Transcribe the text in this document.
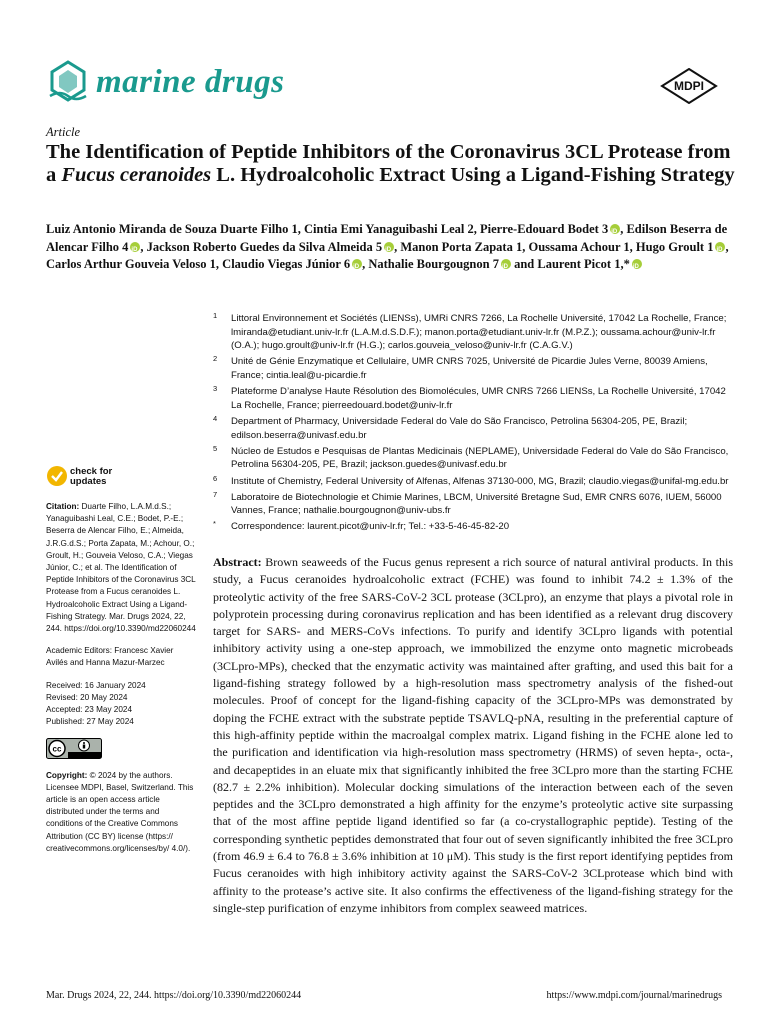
marine drugs	MDPI
Article
The Identification of Peptide Inhibitors of the Coronavirus 3CL Protease from a Fucus ceranoides L. Hydroalcoholic Extract Using a Ligand-Fishing Strategy
Luiz Antonio Miranda de Souza Duarte Filho 1, Cintia Emi Yanaguibashi Leal 2, Pierre-Edouard Bodet 3 iD , Edilson Beserra de Alencar Filho 4 iD , Jackson Roberto Guedes da Silva Almeida 5 iD , Manon Porta Zapata 1, Oussama Achour 1, Hugo Groult 1 iD , Carlos Arthur Gouveia Veloso 1, Claudio Viegas Júnior 6 iD , Nathalie Bourgougnon 7iD and Laurent Picot 1,*iD
1 Littoral Environnement et Sociétés (LIENSs), UMRi CNRS 7266, La Rochelle Université, 17042 La Rochelle, France; lmiranda@etudiant.univ-lr.fr (L.A.M.d.S.D.F.); manon.porta@etudiant.univ-lr.fr (M.P.Z.); oussama.achour@univ-lr.fr (O.A.); hugo.groult@univ-lr.fr (H.G.); carlos.gouveia_veloso@univ-lr.fr (C.A.G.V.)
2 Unité de Génie Enzymatique et Cellulaire, UMR CNRS 7025, Université de Picardie Jules Verne, 80039 Amiens, France; cintia.leal@u-picardie.fr
3 Plateforme D’analyse Haute Résolution des Biomolécules, UMR CNRS 7266 LIENSs, La Rochelle Université, 17042 La Rochelle, France; pierreedouard.bodet@univ-lr.fr
4 Department of Pharmacy, Universidade Federal do Vale do São Francisco, Petrolina 56304-205, PE, Brazil; edilson.beserra@univasf.edu.br
5 Núcleo de Estudos e Pesquisas de Plantas Medicinais (NEPLAME), Universidade Federal do Vale do São Francisco, Petrolina 56304-205, PE, Brazil; jackson.guedes@univasf.edu.br
6 Institute of Chemistry, Federal University of Alfenas, Alfenas 37130-000, MG, Brazil; claudio.viegas@unifal-mg.edu.br
7 Laboratoire de Biotechnologie et Chimie Marines, LBCM, Université Bretagne Sud, EMR CNRS 6076, IUEM, 56000 Vannes, France; nathalie.bourgougnon@univ-ubs.fr
* Correspondence: laurent.picot@univ-lr.fr; Tel.: +33-5-46-45-82-20
check for
updates
Citation: Duarte Filho, L.A.M.d.S.; Yanaguibashi Leal, C.E.; Bodet, P.-E.; Beserra de Alencar Filho, E.; Almeida, J.R.G.d.S.; Porta Zapata, M.; Achour, O.; Groult, H.; Gouveia Veloso, C.A.; Viegas Júnior, C.; et al. The Identification of Peptide Inhibitors of the Coronavirus 3CL Protease from a Fucus ceranoides L. Hydroalcoholic Extract Using a Ligand-Fishing Strategy. Mar. Drugs 2024, 22, 244. https://doi.org/10.3390/md22060244
Academic Editors: Francesc Xavier Avilés and Hanna Mazur-Marzec
Received: 16 January 2024
Revised: 20 May 2024
Accepted: 23 May 2024
Published: 27 May 2024
cc
Copyright: © 2024 by the authors. Licensee MDPI, Basel, Switzerland. This article is an open access article distributed under the terms and conditions of the Creative Commons Attribution (CC BY) license (https:// creativecommons.org/licenses/by/ 4.0/).
Abstract: Brown seaweeds of the Fucus genus represent a rich source of natural antiviral products. In this study, a Fucus ceranoides hydroalcoholic extract (FCHE) was found to inhibit 74.2 ± 1.3% of the proteolytic activity of the free SARS-CoV-2 3CL protease (3CLpro), an enzyme that plays a pivotal role in polyprotein processing during coronavirus replication and has been identified as a relevant drug discovery target for SARS- and MERS-CoVs infections. To purify and identify 3CLpro ligands with potential inhibitory activity using a one-step approach, we immobilized the enzyme onto magnetic microbeads (3CLpro-MPs), checked that the enzymatic activity was maintained after grafting, and used this bait for a ligand-fishing strategy followed by a high-resolution mass spectrometry analysis of the fished-out molecules. Proof of concept for the ligand-fishing capacity of the 3CLpro-MPs was demonstrated by doping the FCHE extract with the substrate peptide TSAVLQ-pNA, resulting in the preferential capture of this high-affinity peptide within the macroalgal complex matrix. Ligand fishing in the FCHE alone led to the purification and identification via high-resolution mass spectrometry (HRMS) of seven hepta-, octa-, and decapeptides in an eluate mix that significantly inhibited the free 3CLpro more than the starting FCHE (82.7 ± 2.2% inhibition). Molecular docking simulations of the interaction between each of the seven peptides and the 3CLpro demonstrated a high affinity for the enzyme’s proteolytic active site surpassing that of the most affine peptide ligand identified so far (a co-crystallographic peptide). Testing of the corresponding synthetic peptides demonstrated that four out of seven significantly inhibited the free 3CLpro (from 46.9 ± 6.4 to 76.8 ± 3.6% inhibition at 10 μM). This study is the first report identifying peptides from Fucus ceranoides with high inhibitory activity against the SARS-CoV-2 3CLprotease which bind with affinity to the protease’s active site. It also confirms the effectiveness of the ligand-fishing strategy for the single-step purification of enzyme inhibitors from complex seaweed matrices.
Mar. Drugs 2024, 22, 244. https://doi.org/10.3390/md22060244	https://www.mdpi.com/journal/marinedrugs
